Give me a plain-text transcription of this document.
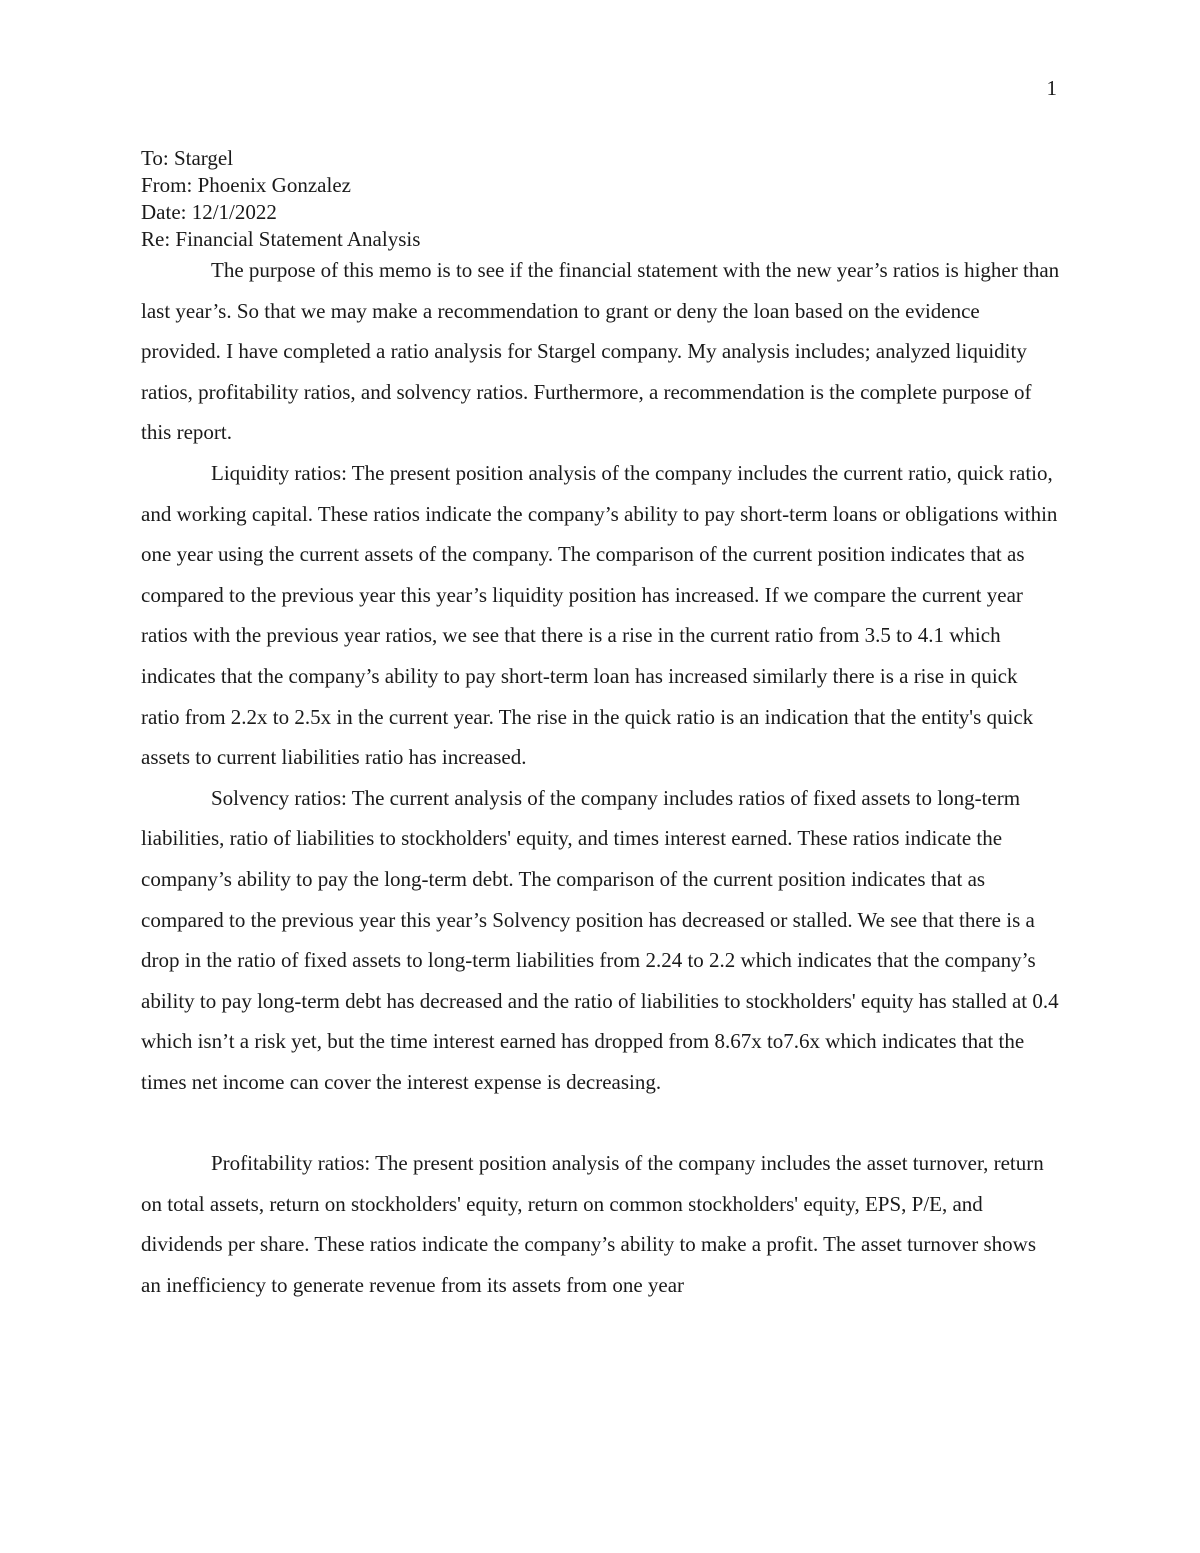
1
To: Stargel
From: Phoenix Gonzalez
Date: 12/1/2022
Re: Financial Statement Analysis

The purpose of this memo is to see if the financial statement with the new year’s ratios is higher than last year’s. So that we may make a recommendation to grant or deny the loan based on the evidence provided. I have completed a ratio analysis for Stargel company. My analysis includes; analyzed liquidity ratios, profitability ratios, and solvency ratios. Furthermore, a recommendation is the complete purpose of this report.

Liquidity ratios: The present position analysis of the company includes the current ratio, quick ratio, and working capital. These ratios indicate the company’s ability to pay short-term loans or obligations within one year using the current assets of the company. The comparison of the current position indicates that as compared to the previous year this year’s liquidity position has increased. If we compare the current year ratios with the previous year ratios, we see that there is a rise in the current ratio from 3.5 to 4.1 which indicates that the company’s ability to pay short-term loan has increased similarly there is a rise in quick ratio from 2.2x to 2.5x in the current year. The rise in the quick ratio is an indication that the entity's quick assets to current liabilities ratio has increased.

Solvency ratios: The current analysis of the company includes ratios of fixed assets to long-term liabilities, ratio of liabilities to stockholders' equity, and times interest earned. These ratios indicate the company’s ability to pay the long-term debt. The comparison of the current position indicates that as compared to the previous year this year’s Solvency position has decreased or stalled. We see that there is a drop in the ratio of fixed assets to long-term liabilities from 2.24 to 2.2 which indicates that the company’s ability to pay long-term debt has decreased and the ratio of liabilities to stockholders' equity has stalled at 0.4 which isn’t a risk yet, but the time interest earned has dropped from 8.67x to7.6x which indicates that the times net income can cover the interest expense is decreasing.

Profitability ratios: The present position analysis of the company includes the asset turnover, return on total assets, return on stockholders' equity, return on common stockholders' equity, EPS, P/E, and dividends per share. These ratios indicate the company’s ability to make a profit. The asset turnover shows an inefficiency to generate revenue from its assets from one year
